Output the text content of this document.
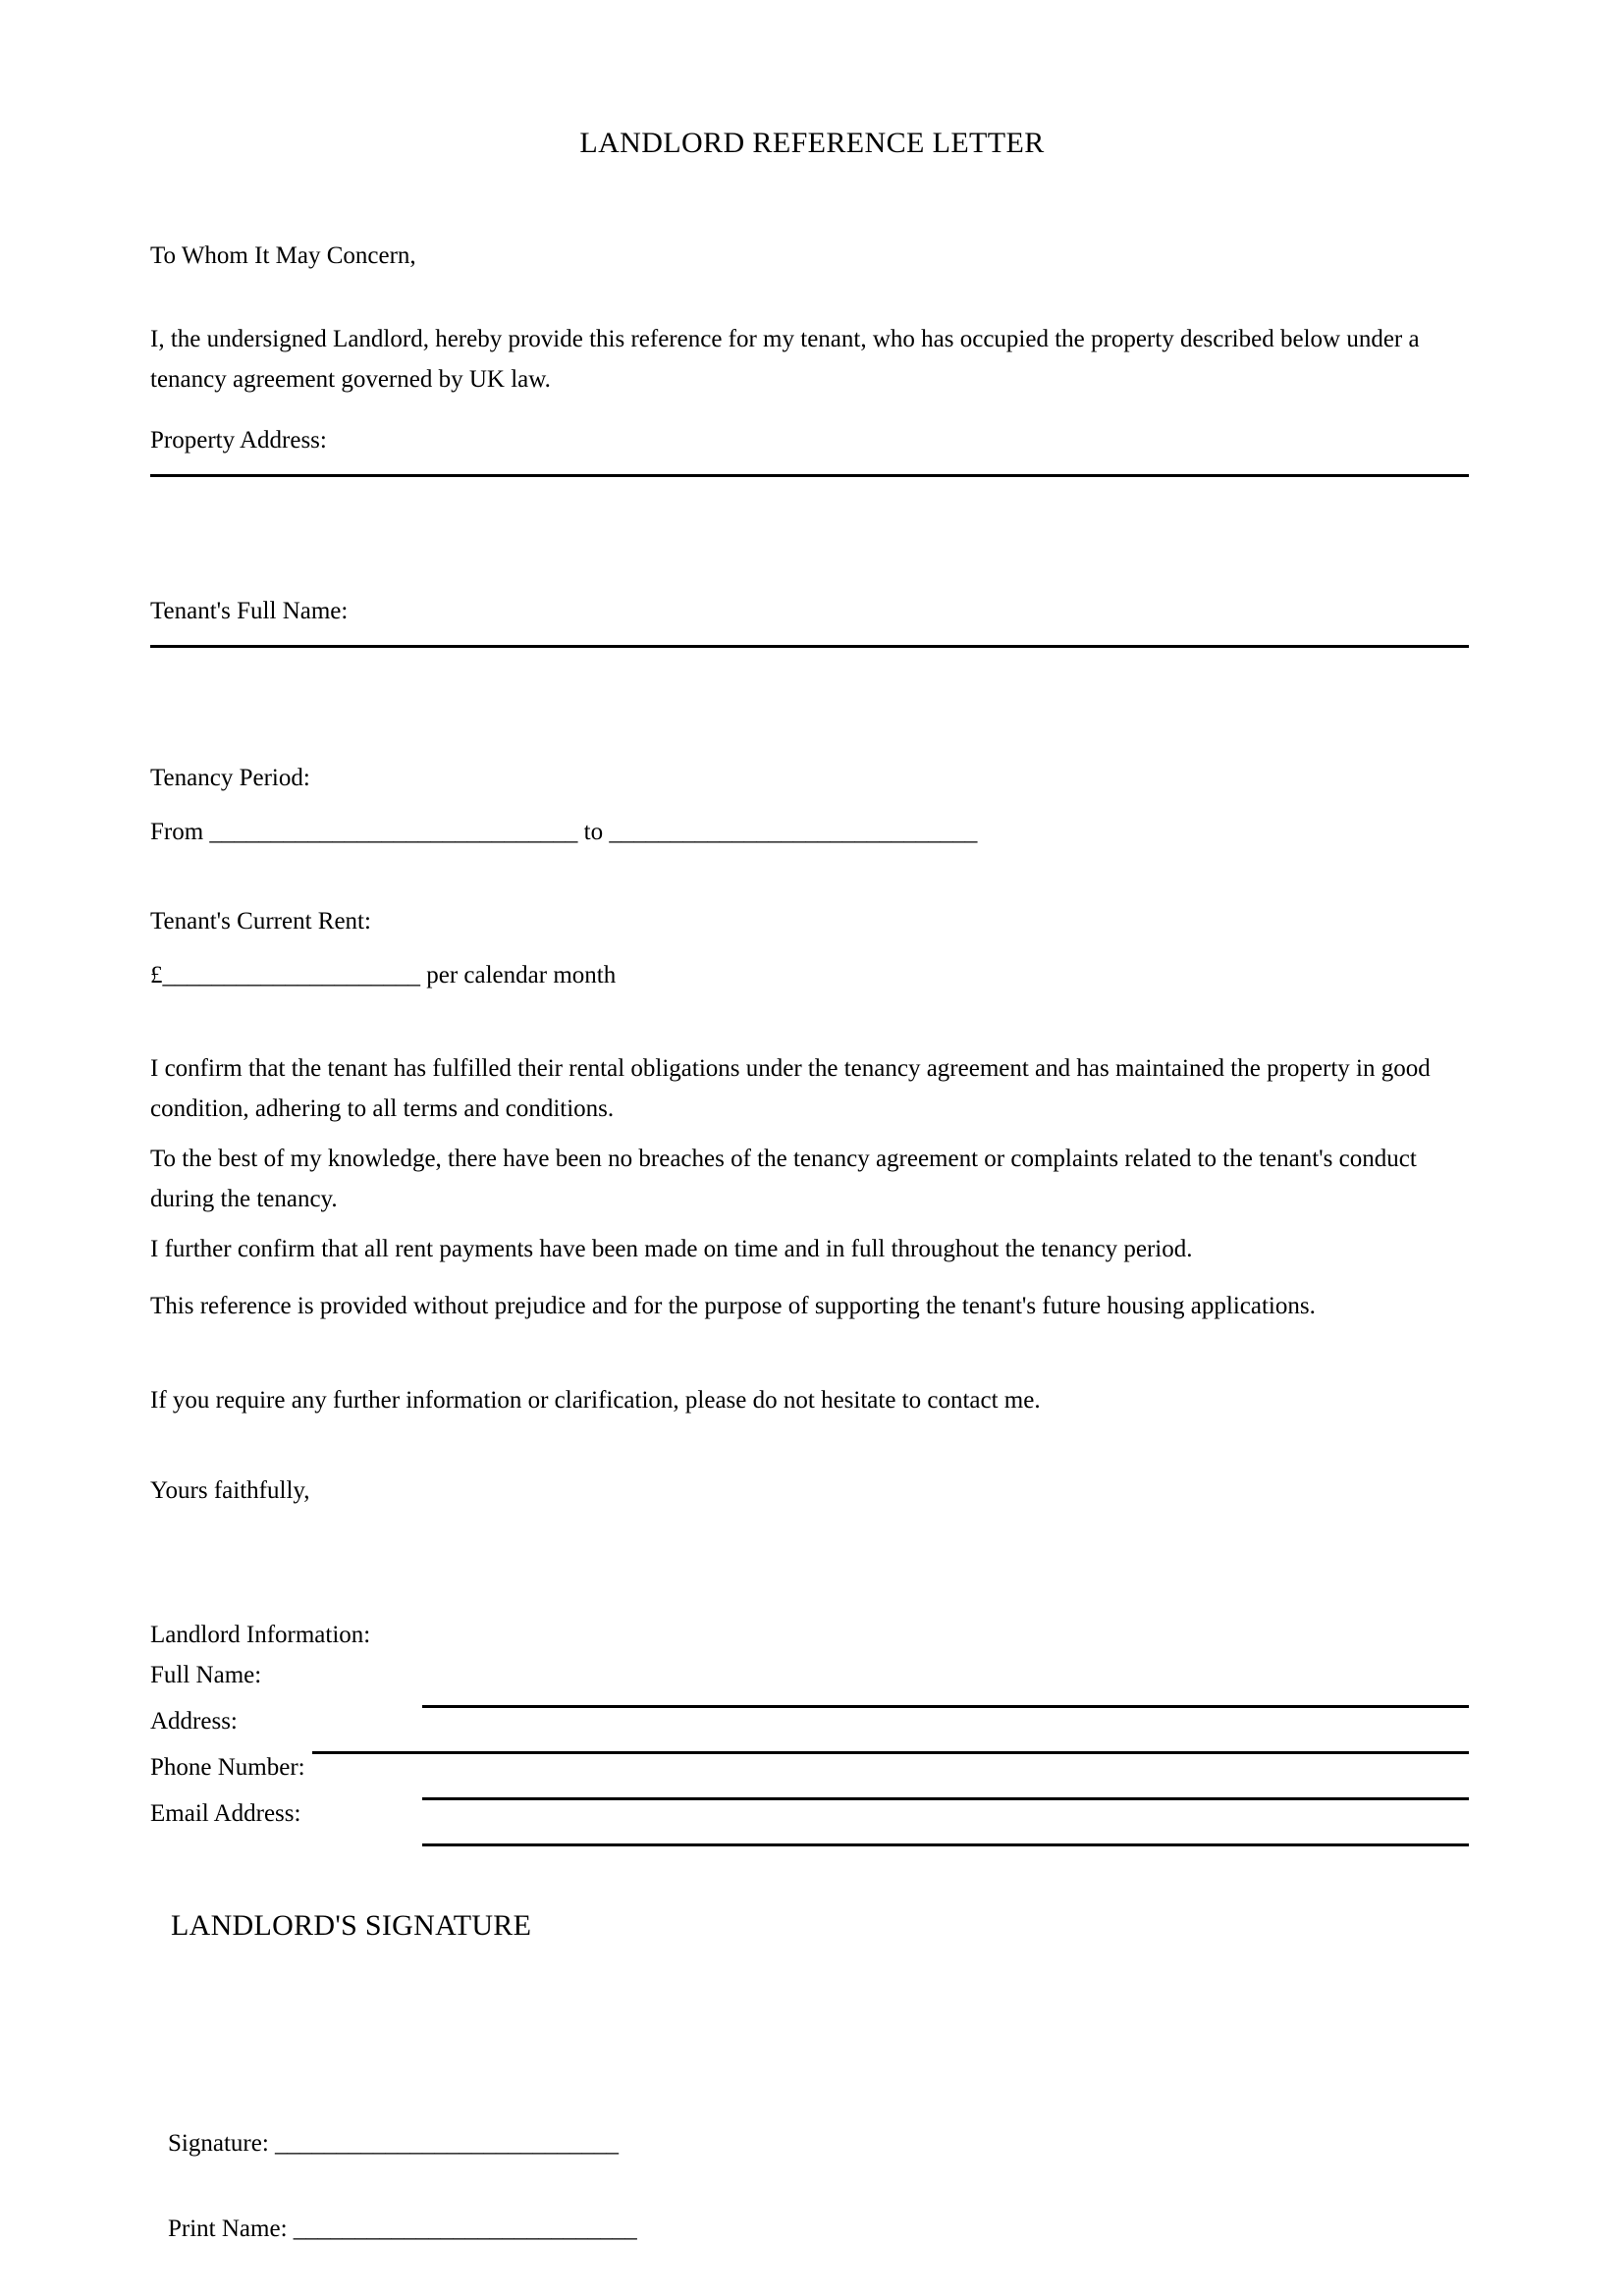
LANDLORD REFERENCE LETTER
To Whom It May Concern,
I, the undersigned Landlord, hereby provide this reference for my tenant, who has occupied the property described below under a tenancy agreement governed by UK law.
Property Address:
Tenant's Full Name:
Tenancy Period:
From ______________________________ to ______________________________
Tenant's Current Rent:
£_____________________ per calendar month
I confirm that the tenant has fulfilled their rental obligations under the tenancy agreement and has maintained the property in good condition, adhering to all terms and conditions.
To the best of my knowledge, there have been no breaches of the tenancy agreement or complaints related to the tenant's conduct during the tenancy.
I further confirm that all rent payments have been made on time and in full throughout the tenancy period.
This reference is provided without prejudice and for the purpose of supporting the tenant's future housing applications.
If you require any further information or clarification, please do not hesitate to contact me.
Yours faithfully,
Landlord Information:
Full Name:
Address:
Phone Number:
Email Address:
LANDLORD'S SIGNATURE
Signature: ____________________________
Print Name: ____________________________
